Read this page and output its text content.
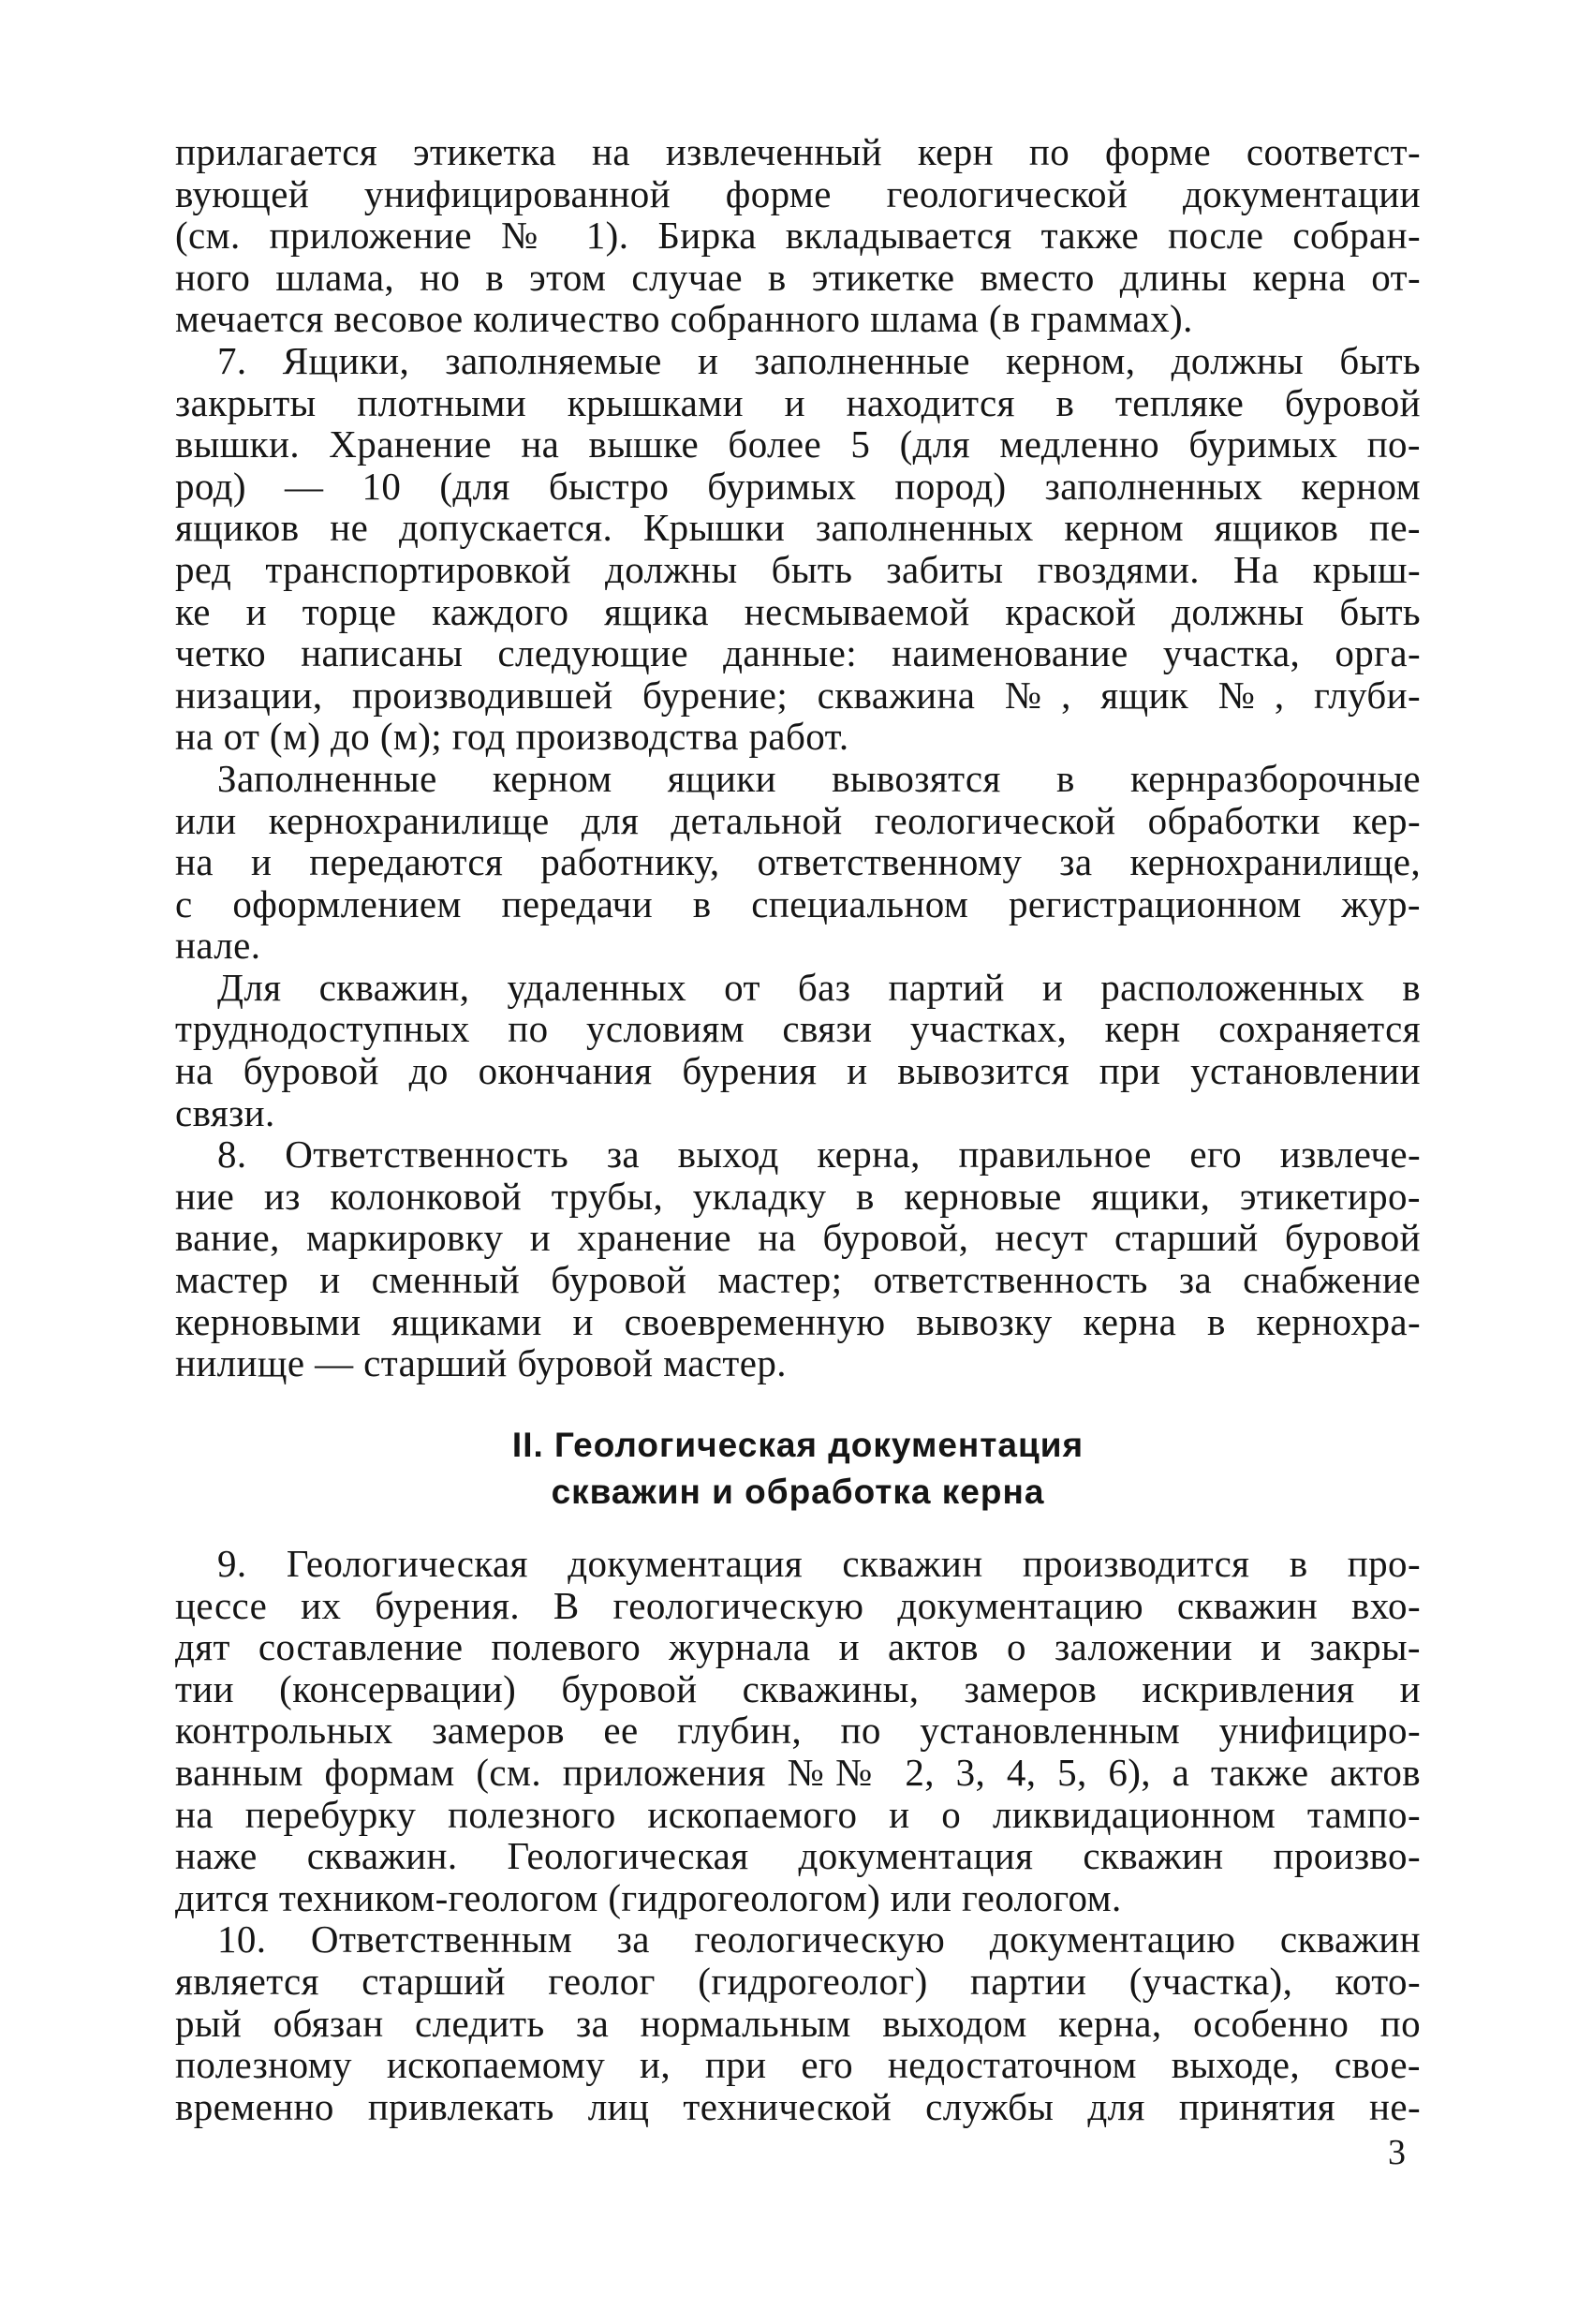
прилагается этикетка на извлеченный керн по форме соответст-
вующей унифицированной форме геологической документации
(см. приложение № 1). Бирка вкладывается также после собран-
ного шлама, но в этом случае в этикетке вместо длины керна от-
мечается весовое количество собранного шлама (в граммах).
7. Ящики, заполняемые и заполненные керном, должны быть
закрыты плотными крышками и находится в тепляке буровой
вышки. Хранение на вышке более 5 (для медленно буримых по-
род) — 10 (для быстро буримых пород) заполненных керном
ящиков не допускается. Крышки заполненных керном ящиков пе-
ред транспортировкой должны быть забиты гвоздями. На крыш-
ке и торце каждого ящика несмываемой краской должны быть
четко написаны следующие данные: наименование участка, орга-
низации, производившей бурение; скважина №, ящик №, глуби-
на от (м) до (м); год производства работ.
Заполненные керном ящики вывозятся в кернразборочные
или кернохранилище для детальной геологической обработки кер-
на и передаются работнику, ответственному за кернохранилище,
с оформлением передачи в специальном регистрационном жур-
нале.
Для скважин, удаленных от баз партий и расположенных в
труднодоступных по условиям связи участках, керн сохраняется
на буровой до окончания бурения и вывозится при установлении
связи.
8. Ответственность за выход керна, правильное его извлече-
ние из колонковой трубы, укладку в керновые ящики, этикетиро-
вание, маркировку и хранение на буровой, несут старший буровой
мастер и сменный буровой мастер; ответственность за снабжение
керновыми ящиками и своевременную вывозку керна в кернохра-
нилище — старший буровой мастер.
II. Геологическая документация
скважин и обработка керна
9. Геологическая документация скважин производится в про-
цессе их бурения. В геологическую документацию скважин вхо-
дят составление полевого журнала и актов о заложении и закры-
тии (консервации) буровой скважины, замеров искривления и
контрольных замеров ее глубин, по установленным унифициро-
ванным формам (см. приложения №№ 2, 3, 4, 5, 6), а также актов
на перебурку полезного ископаемого и о ликвидационном тампо-
наже скважин. Геологическая документация скважин произво-
дится техником-геологом (гидрогеологом) или геологом.
10. Ответственным за геологическую документацию скважин
является старший геолог (гидрогеолог) партии (участка), кото-
рый обязан следить за нормальным выходом керна, особенно по
полезному ископаемому и, при его недостаточном выходе, свое-
временно привлекать лиц технической службы для принятия не-
3
